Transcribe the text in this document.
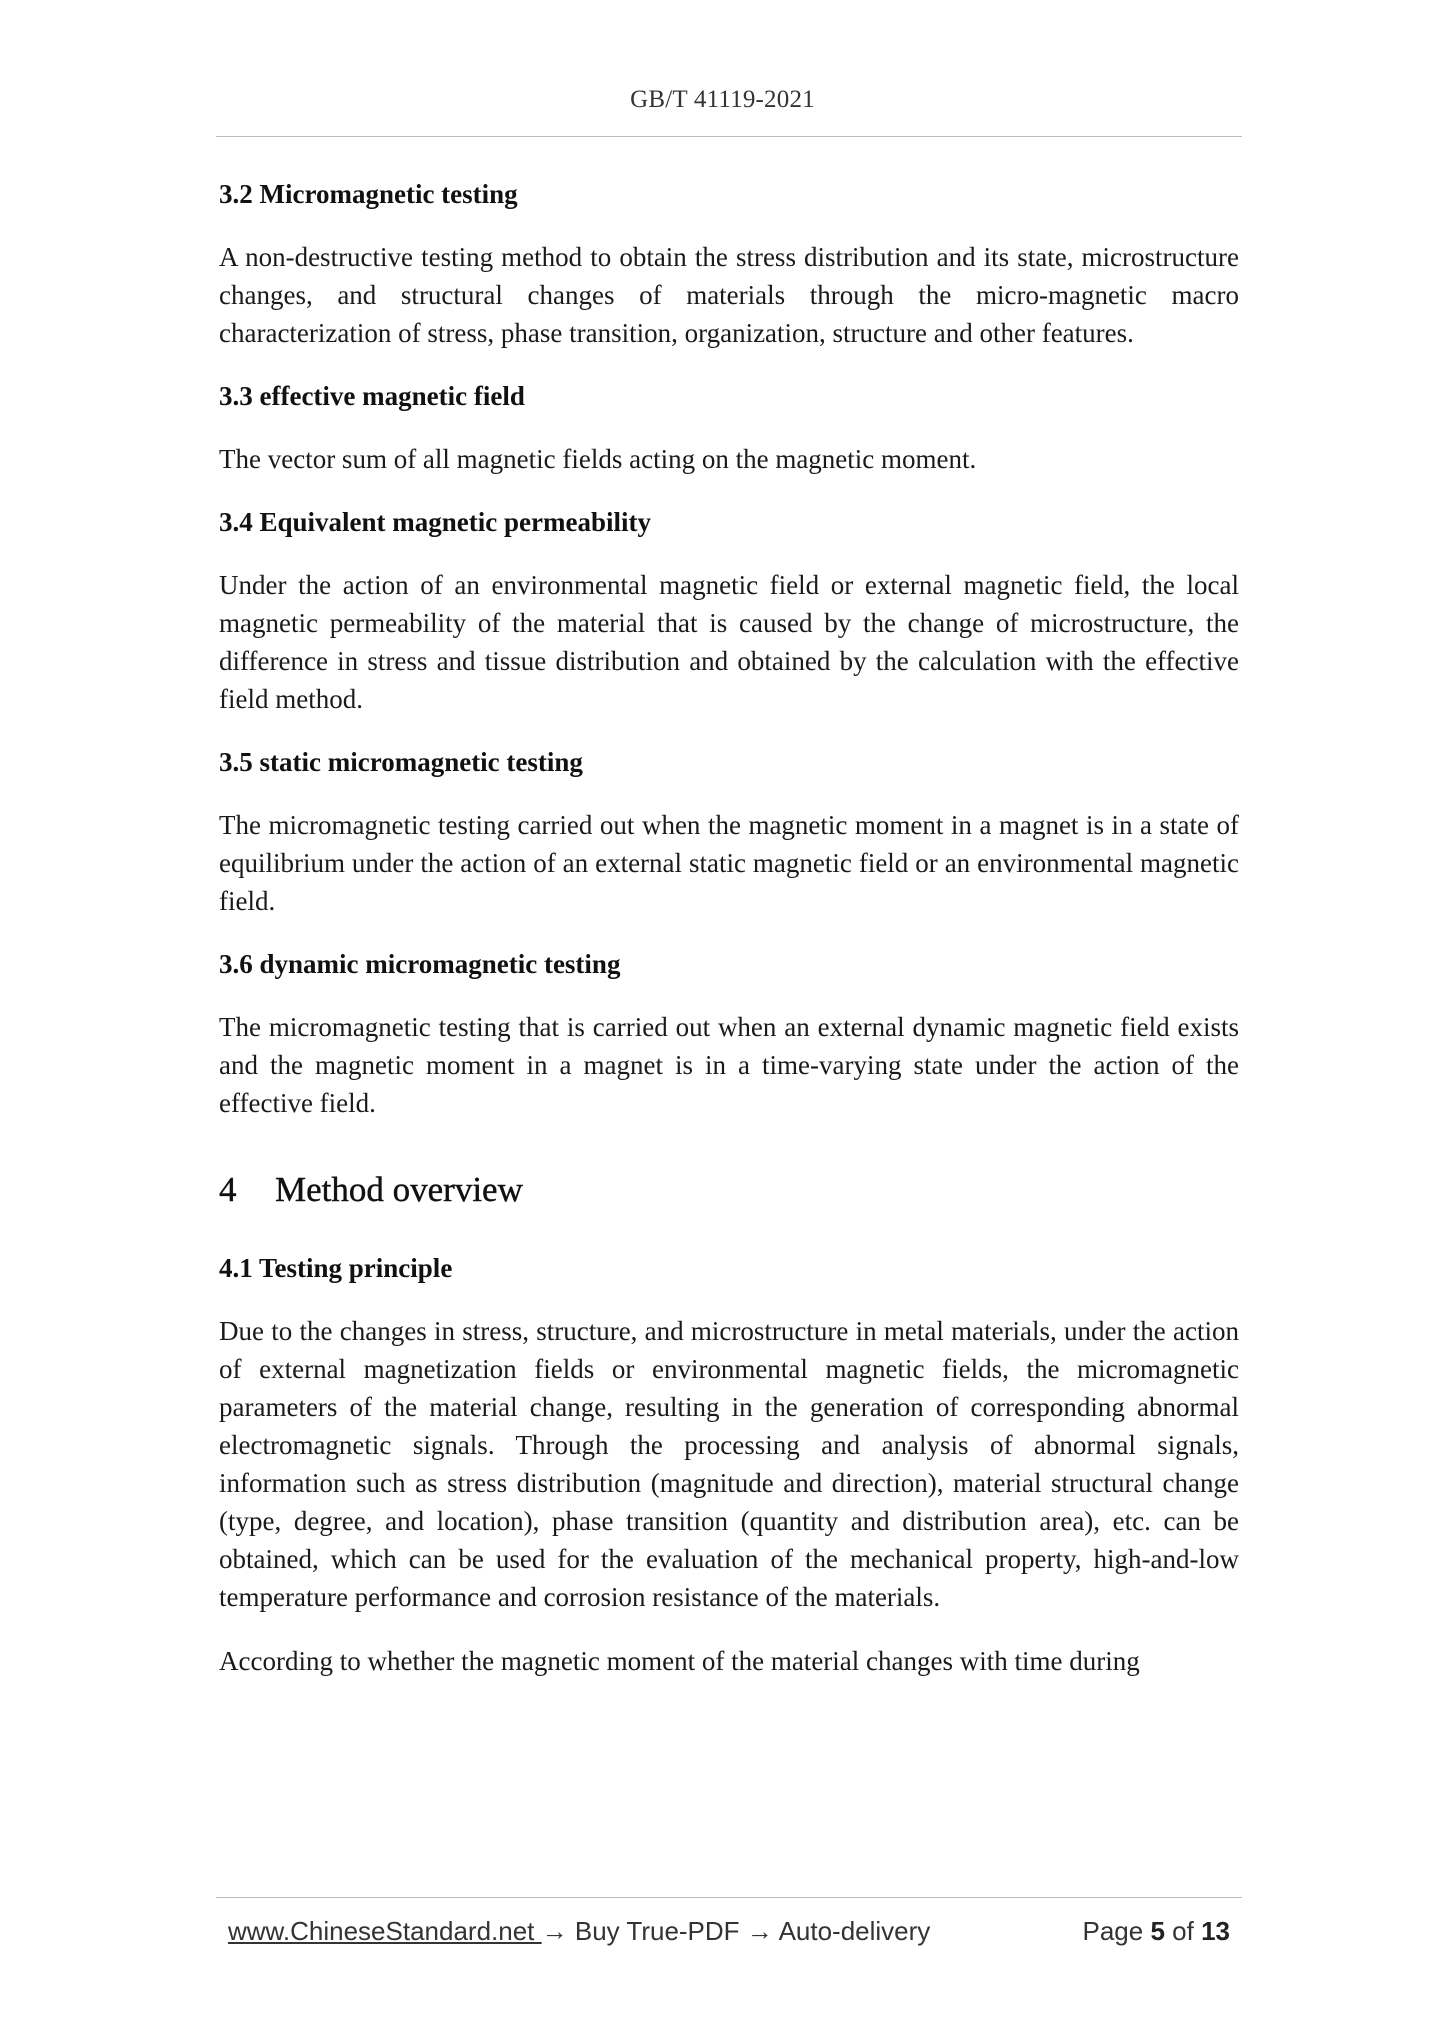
GB/T 41119-2021
3.2 Micromagnetic testing
A non-destructive testing method to obtain the stress distribution and its state, microstructure changes, and structural changes of materials through the micro-magnetic macro characterization of stress, phase transition, organization, structure and other features.
3.3 effective magnetic field
The vector sum of all magnetic fields acting on the magnetic moment.
3.4 Equivalent magnetic permeability
Under the action of an environmental magnetic field or external magnetic field, the local magnetic permeability of the material that is caused by the change of microstructure, the difference in stress and tissue distribution and obtained by the calculation with the effective field method.
3.5 static micromagnetic testing
The micromagnetic testing carried out when the magnetic moment in a magnet is in a state of equilibrium under the action of an external static magnetic field or an environmental magnetic field.
3.6 dynamic micromagnetic testing
The micromagnetic testing that is carried out when an external dynamic magnetic field exists and the magnetic moment in a magnet is in a time-varying state under the action of the effective field.
4 Method overview
4.1 Testing principle
Due to the changes in stress, structure, and microstructure in metal materials, under the action of external magnetization fields or environmental magnetic fields, the micromagnetic parameters of the material change, resulting in the generation of corresponding abnormal electromagnetic signals. Through the processing and analysis of abnormal signals, information such as stress distribution (magnitude and direction), material structural change (type, degree, and location), phase transition (quantity and distribution area), etc. can be obtained, which can be used for the evaluation of the mechanical property, high-and-low temperature performance and corrosion resistance of the materials.
According to whether the magnetic moment of the material changes with time during
www.ChineseStandard.net → Buy True-PDF → Auto-delivery	Page 5 of 13
